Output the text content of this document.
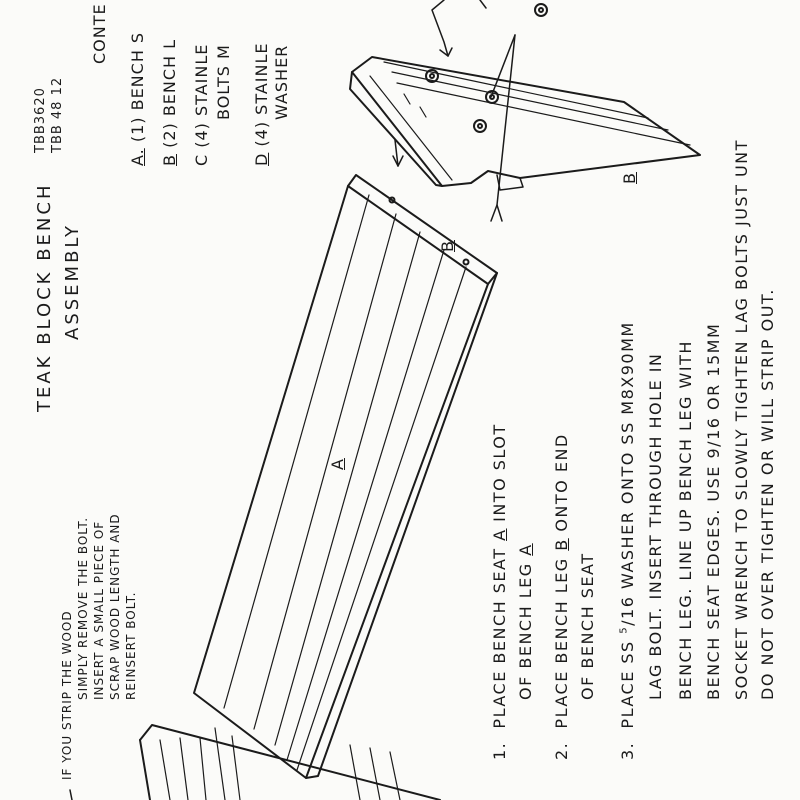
TEAK BLOCK BENCH ASSEMBLY
TBB3620 TBB 48 12
CONTE
A. (1) BENCH S
B (2) BENCH L
C (4) STAINLE BOLTS M
D (4) STAINLE WASHER
A
B
B
1.  PLACE BENCH SEAT A INTO SLOT
OF BENCH LEG A
2.  PLACE BENCH LEG B ONTO END
OF BENCH SEAT
3.  PLACE SS $^5$/16 WASHER ONTO SS M8X90MM LAG BOLT. INSERT THROUGH HOLE IN BENCH LEG. LINE UP BENCH LEG WITH BENCH SEAT EDGES. USE 9/16 OR 15MM SOCKET WRENCH TO SLOWLY TIGHTEN LAG BOLTS JUST UNT DO NOT OVER TIGHTEN OR WILL STRIP OUT.
IF YOU STRIP THE WOOD SIMPLY REMOVE THE BOLT. INSERT A SMALL PIECE OF SCRAP WOOD LENGTH AND REINSERT BOLT.
